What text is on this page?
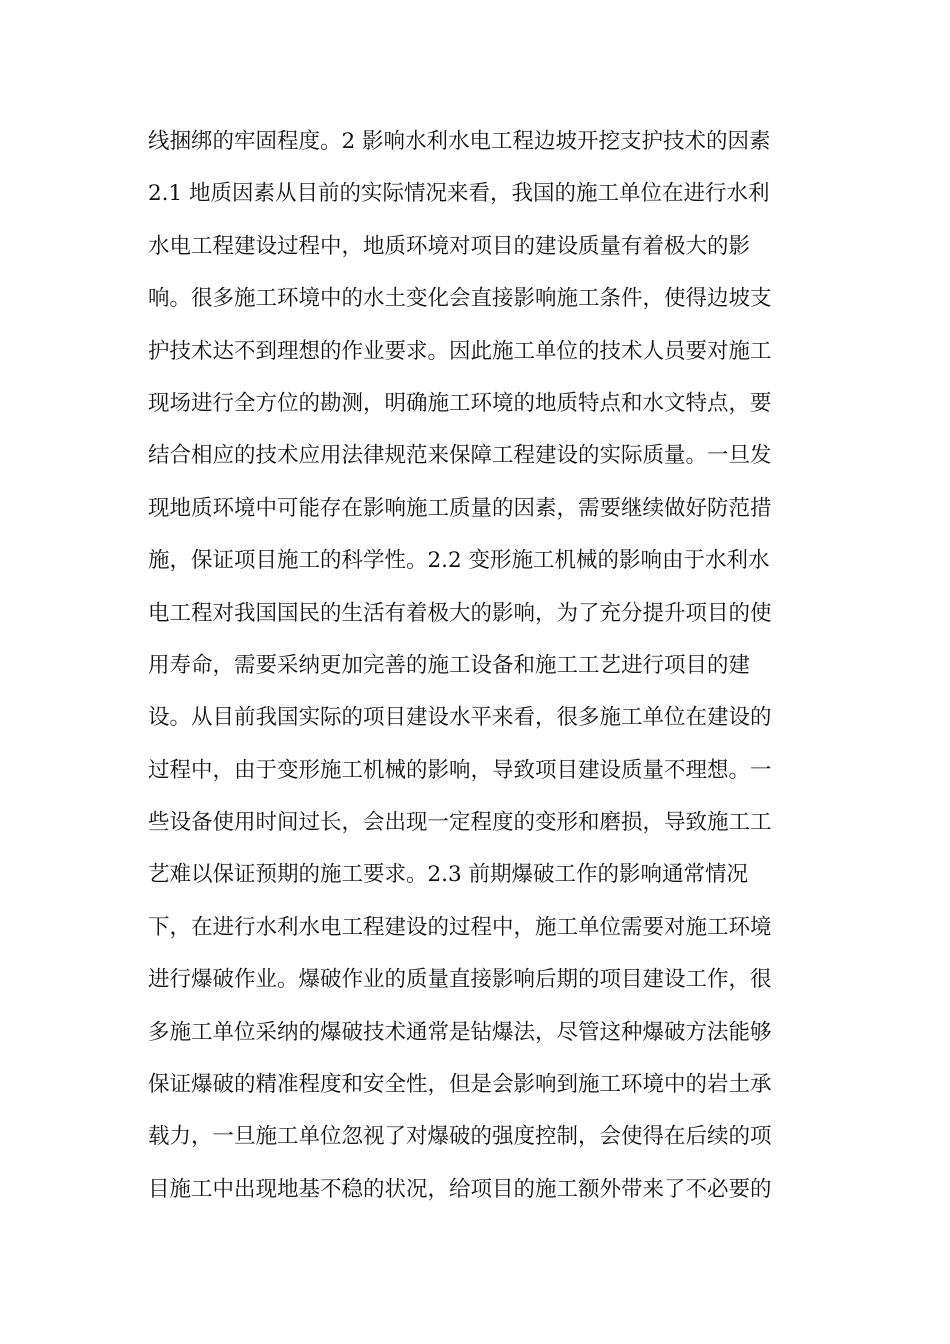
线捆绑的牢固程度。2 影响水利水电工程边坡开挖支护技术的因素
2.1 地质因素从目前的实际情况来看，我国的施工单位在进行水利
水电工程建设过程中，地质环境对项目的建设质量有着极大的影
响。很多施工环境中的水土变化会直接影响施工条件，使得边坡支
护技术达不到理想的作业要求。因此施工单位的技术人员要对施工
现场进行全方位的勘测，明确施工环境的地质特点和水文特点，要
结合相应的技术应用法律规范来保障工程建设的实际质量。一旦发
现地质环境中可能存在影响施工质量的因素，需要继续做好防范措
施，保证项目施工的科学性。2.2 变形施工机械的影响由于水利水
电工程对我国国民的生活有着极大的影响，为了充分提升项目的使
用寿命，需要采纳更加完善的施工设备和施工工艺进行项目的建
设。从目前我国实际的项目建设水平来看，很多施工单位在建设的
过程中，由于变形施工机械的影响，导致项目建设质量不理想。一
些设备使用时间过长，会出现一定程度的变形和磨损，导致施工工
艺难以保证预期的施工要求。2.3 前期爆破工作的影响通常情况
下，在进行水利水电工程建设的过程中，施工单位需要对施工环境
进行爆破作业。爆破作业的质量直接影响后期的项目建设工作，很
多施工单位采纳的爆破技术通常是钻爆法，尽管这种爆破方法能够
保证爆破的精准程度和安全性，但是会影响到施工环境中的岩土承
载力，一旦施工单位忽视了对爆破的强度控制，会使得在后续的项
目施工中出现地基不稳的状况，给项目的施工额外带来了不必要的
